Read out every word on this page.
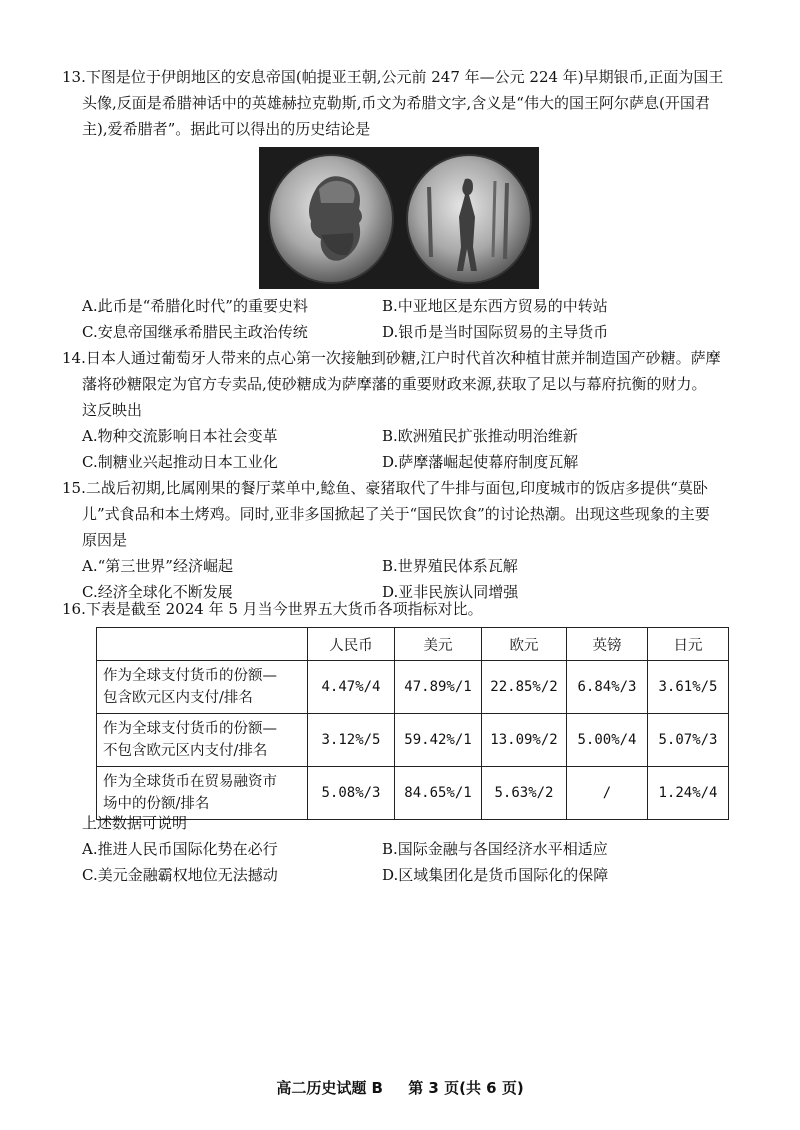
13.下图是位于伊朗地区的安息帝国(帕提亚王朝,公元前 247 年—公元 224 年)早期银币,正面为国王

头像,反面是希腊神话中的英雄赫拉克勒斯,币文为希腊文字,含义是“伟大的国王阿尔萨息(开国君

主),爱希腊者”。据此可以得出的历史结论是

A.此币是“希腊化时代”的重要史料	B.中亚地区是东西方贸易的中转站
C.安息帝国继承希腊民主政治传统	D.银币是当时国际贸易的主导货币

14.日本人通过葡萄牙人带来的点心第一次接触到砂糖,江户时代首次种植甘蔗并制造国产砂糖。萨摩

藩将砂糖限定为官方专卖品,使砂糖成为萨摩藩的重要财政来源,获取了足以与幕府抗衡的财力。

这反映出

A.物种交流影响日本社会变革	B.欧洲殖民扩张推动明治维新
C.制糖业兴起推动日本工业化	D.萨摩藩崛起使幕府制度瓦解

15.二战后初期,比属刚果的餐厅菜单中,鲶鱼、豪猪取代了牛排与面包,印度城市的饭店多提供“莫卧

儿”式食品和本土烤鸡。同时,亚非多国掀起了关于“国民饮食”的讨论热潮。出现这些现象的主要

原因是

A.“第三世界”经济崛起	B.世界殖民体系瓦解
C.经济全球化不断发展	D.亚非民族认同增强

16.下表是截至 2024 年 5 月当今世界五大货币各项指标对比。

	人民币	美元	欧元	英镑	日元

作为全球支付货币的份额—
包含欧元区内支付/排名	4.47%/4	47.89%/1	22.85%/2	6.84%/3	3.61%/5

作为全球支付货币的份额—
不包含欧元区内支付/排名	3.12%/5	59.42%/1	13.09%/2	5.00%/4	5.07%/3

作为全球货币在贸易融资市
场中的份额/排名	5.08%/3	84.65%/1	5.63%/2	/	1.24%/4

上述数据可说明

A.推进人民币国际化势在必行	B.国际金融与各国经济水平相适应
C.美元金融霸权地位无法撼动	D.区域集团化是货币国际化的保障
高二历史试题 B 第 3 页(共 6 页)
